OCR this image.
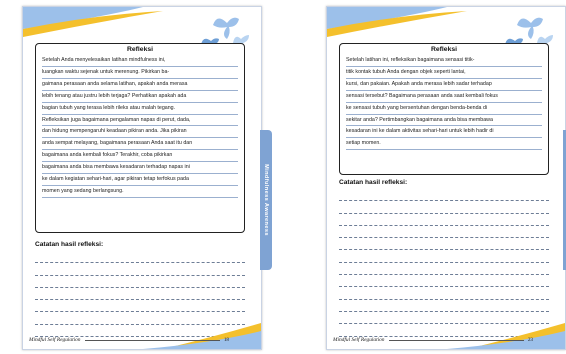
Refleksi
Setelah Anda menyelesaikan latihan mindfulness ini,
luangkan waktu sejenak untuk merenung. Pikirkan ba-
gaimana perasaan anda selama latihan, apakah anda merasa
lebih tenang atau justru lebih terjaga? Perhatikan apakah ada
bagian tubuh yang terasa lebih rileks atau malah tegang.
Refleksikan juga bagaimana pengalaman napas di perut, dada,
dan hidung mempengaruhi keadaan pikiran anda. Jika pikiran
anda sempat melayang, bagaimana perasaan Anda saat itu dan
bagaimana anda kembali fokus? Terakhir, coba pikirkan
bagaimana anda bisa membawa kesadaran terhadap napas ini
ke dalam kegiatan sehari-hari, agar pikiran tetap terfokus pada
momen yang sedang berlangsung.
Catatan hasil refleksi:
Mindful Self Regulation	18
Mindfulness Awareness
Refleksi
Setelah latihan ini, refleksikan bagaimana sensasi titik-
titik kontak tubuh Anda dengan objek seperti lantai,
kursi, dan pakaian. Apakah anda merasa lebih sadar terhadap
sensasi tersebut? Bagaimana perasaan anda saat kembali fokus
ke sensasi tubuh yang bersentuhan dengan benda-benda di
sekitar anda? Pertimbangkan bagaimana anda bisa membawa
kesadaran ini ke dalam aktivitas sehari-hari untuk lebih hadir di
setiap momen.
Catatan hasil refleksi:
Mindful Self Regulation	23
